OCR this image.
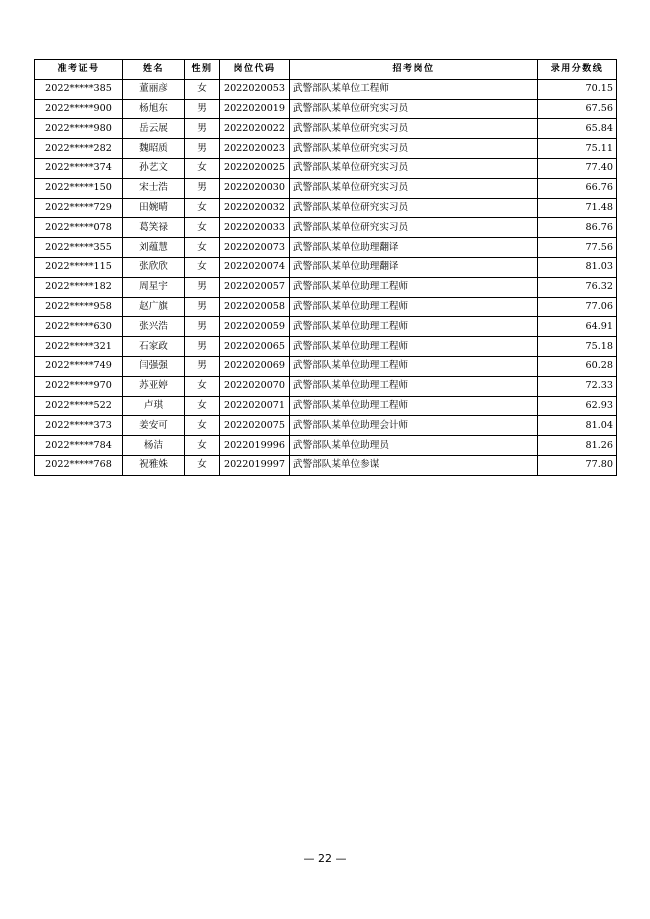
准考证号	姓名	性别	岗位代码	招考岗位	录用分数线
2022*****385	董丽彦	女	2022020053	武警部队某单位工程师	70.15
2022*****900	杨旭东	男	2022020019	武警部队某单位研究实习员	67.56
2022*****980	岳云展	男	2022020022	武警部队某单位研究实习员	65.84
2022*****282	魏昭质	男	2022020023	武警部队某单位研究实习员	75.11
2022*****374	孙艺文	女	2022020025	武警部队某单位研究实习员	77.40
2022*****150	宋士浩	男	2022020030	武警部队某单位研究实习员	66.76
2022*****729	田婉晴	女	2022020032	武警部队某单位研究实习员	71.48
2022*****078	葛笑禄	女	2022020033	武警部队某单位研究实习员	86.76
2022*****355	刘蕴慧	女	2022020073	武警部队某单位助理翻译	77.56
2022*****115	张欣欣	女	2022020074	武警部队某单位助理翻译	81.03
2022*****182	周星宇	男	2022020057	武警部队某单位助理工程师	76.32
2022*****958	赵广旗	男	2022020058	武警部队某单位助理工程师	77.06
2022*****630	张兴浩	男	2022020059	武警部队某单位助理工程师	64.91
2022*****321	石家政	男	2022020065	武警部队某单位助理工程师	75.18
2022*****749	闫强强	男	2022020069	武警部队某单位助理工程师	60.28
2022*****970	苏亚婷	女	2022020070	武警部队某单位助理工程师	72.33
2022*****522	卢琪	女	2022020071	武警部队某单位助理工程师	62.93
2022*****373	姜安可	女	2022020075	武警部队某单位助理会计师	81.04
2022*****784	杨洁	女	2022019996	武警部队某单位助理员	81.26
2022*****768	祝雅姝	女	2022019997	武警部队某单位参谋	77.80
— 22 —
